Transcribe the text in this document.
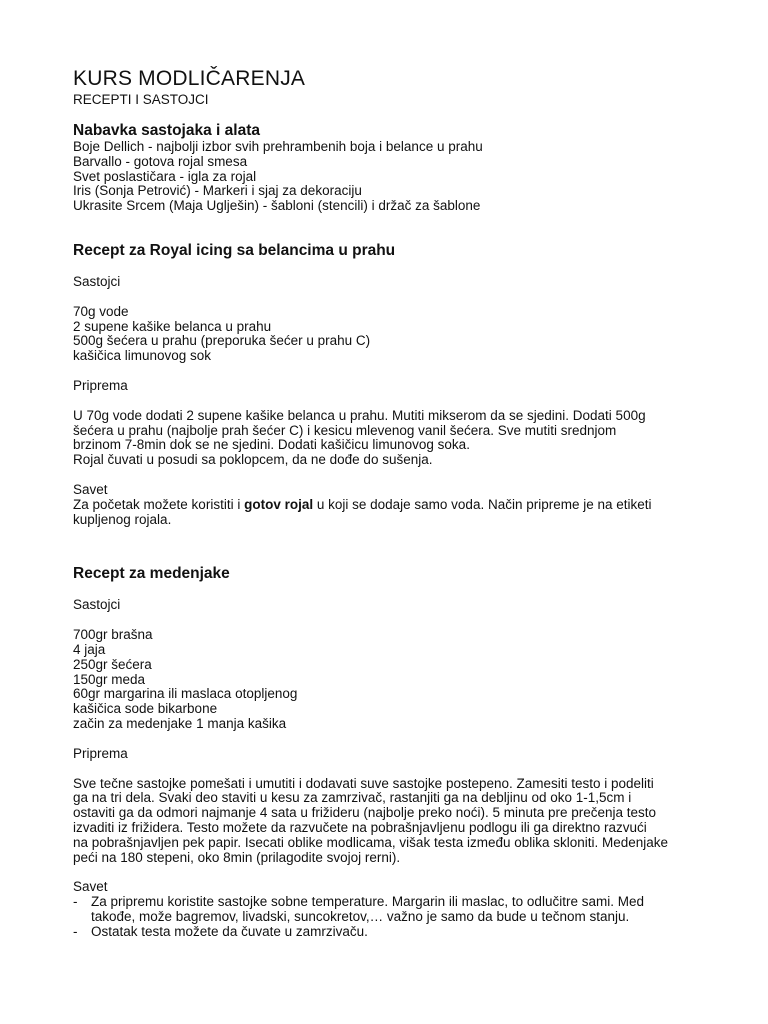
KURS MODLIČARENJA

RECEPTI I SASTOJCI

Nabavka sastojaka i alata

Boje Dellich - najbolji izbor svih prehrambenih boja i belance u prahu

Barvallo - gotova rojal smesa

Svet poslastičara - igla za rojal

Iris (Sonja Petrović) - Markeri i sjaj za dekoraciju

Ukrasite Srcem (Maja Uglješin) - šabloni (stencili) i držač za šablone

Recept za Royal icing sa belancima u prahu

Sastojci

70g vode

2 supene kašike belanca u prahu

500g šećera u prahu (preporuka šećer u prahu C)

kašičica limunovog sok

Priprema

U 70g vode dodati 2 supene kašike belanca u prahu. Mutiti mikserom da se sjedini. Dodati 500g

šećera u prahu (najbolje prah šećer C) i kesicu mlevenog vanil šećera. Sve mutiti srednjom

brzinom 7-8min dok se ne sjedini. Dodati kašičicu limunovog soka.

Rojal čuvati u posudi sa poklopcem, da ne dođe do sušenja.

Savet

Za početak možete koristiti i gotov rojal u koji se dodaje samo voda. Način pripreme je na etiketi

kupljenog rojala.

Recept za medenjake

Sastojci

700gr brašna

4 jaja

250gr šećera

150gr meda

60gr margarina ili maslaca otopljenog

kašičica sode bikarbone

začin za medenjake 1 manja kašika

Priprema

Sve tečne sastojke pomešati i umutiti i dodavati suve sastojke postepeno. Zamesiti testo i podeliti

ga na tri dela. Svaki deo staviti u kesu za zamrzivač, rastanjiti ga na debljinu od oko 1-1,5cm i

ostaviti ga da odmori najmanje 4 sata u frižideru (najbolje preko noći). 5 minuta pre prečenja testo

izvaditi iz frižidera. Testo možete da razvučete na pobrašnjavljenu podlogu ili ga direktno razvući

na pobrašnjavljen pek papir. Isecati oblike modlicama, višak testa između oblika skloniti. Medenjake

peći na 180 stepeni, oko 8min (prilagodite svojoj rerni).

Savet

- Za pripremu koristite sastojke sobne temperature. Margarin ili maslac, to odlučitre sami. Med
takođe, može bagremov, livadski, suncokretov,… važno je samo da bude u tečnom stanju.
- Ostatak testa možete da čuvate u zamrzivaču.
